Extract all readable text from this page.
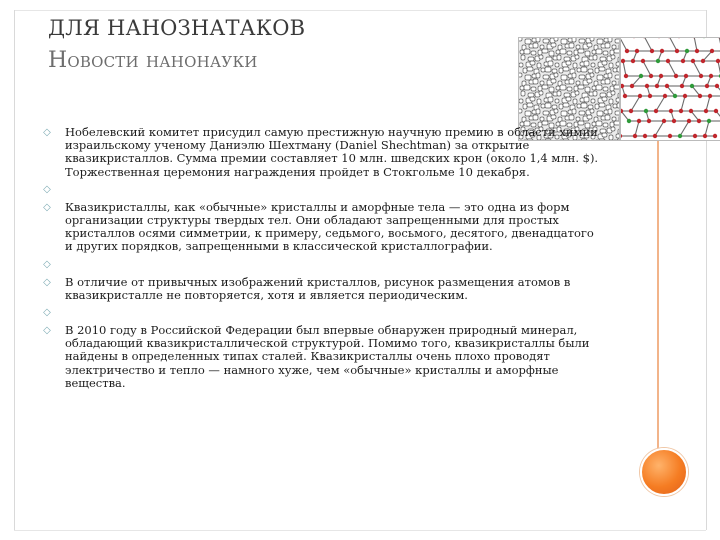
ДЛЯ НАНОЗНАТАКОВ
Новости нанонауки
◇ Нобелевский комитет присудил самую престижную научную премию в области химии израильскому ученому Даниэлю Шехтману (Daniel Shechtman) за открытие квазикристаллов. Сумма премии составляет 10 млн. шведских крон (около 1,4 млн. $). Торжественная церемония награждения пройдет в Стокгольме 10 декабря.
◇
◇ Квазикристаллы, как «обычные» кристаллы и аморфные тела — это одна из форм организации структуры твердых тел. Они обладают запрещенными для простых кристаллов осями симметрии, к примеру, седьмого, восьмого, десятого, двенадцатого и других порядков, запрещенными в классической кристаллографии.
◇
◇ В отличие от привычных изображений кристаллов, рисунок размещения атомов в квазикристалле не повторяется, хотя и является периодическим.
◇
◇ В 2010 году в Российской Федерации был впервые обнаружен природный минерал, обладающий квазикристаллической структурой. Помимо того, квазикристаллы были найдены в определенных типах сталей. Квазикристаллы очень плохо проводят электричество и тепло — намного хуже, чем «обычные» кристаллы и аморфные вещества.
